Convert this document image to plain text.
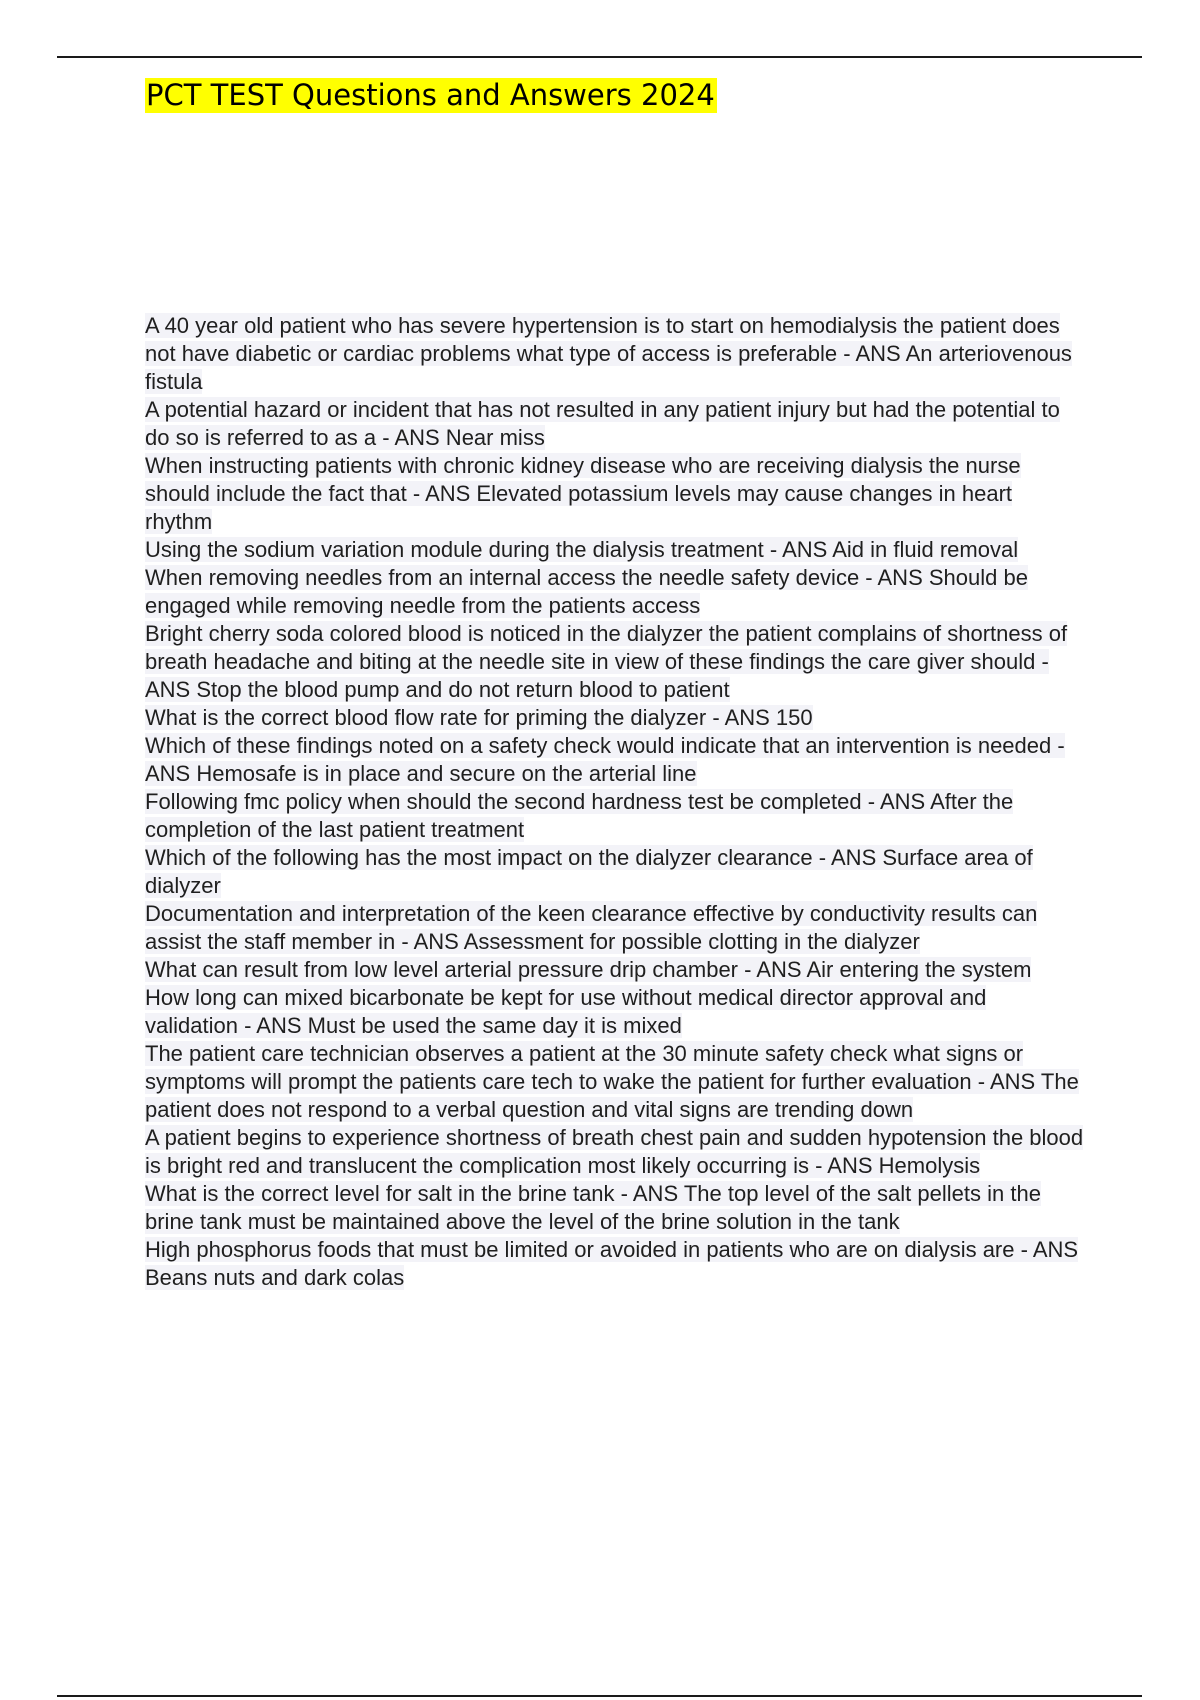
PCT TEST Questions and Answers 2024
A 40 year old patient who has severe hypertension is to start on hemodialysis the patient does not have diabetic or cardiac problems what type of access is preferable - ANS An arteriovenous fistula
A potential hazard or incident that has not resulted in any patient injury but had the potential to do so is referred to as a - ANS Near miss
When instructing patients with chronic kidney disease who are receiving dialysis the nurse should include the fact that - ANS Elevated potassium levels may cause changes in heart rhythm
Using the sodium variation module during the dialysis treatment - ANS Aid in fluid removal
When removing needles from an internal access the needle safety device - ANS Should be engaged while removing needle from the patients access
Bright cherry soda colored blood is noticed in the dialyzer the patient complains of shortness of breath headache and biting at the needle site in view of these findings the care giver should - ANS Stop the blood pump and do not return blood to patient
What is the correct blood flow rate for priming the dialyzer - ANS 150
Which of these findings noted on a safety check would indicate that an intervention is needed - ANS Hemosafe is in place and secure on the arterial line
Following fmc policy when should the second hardness test be completed - ANS After the completion of the last patient treatment
Which of the following has the most impact on the dialyzer clearance - ANS Surface area of dialyzer
Documentation and interpretation of the keen clearance effective by conductivity results can assist the staff member in - ANS Assessment for possible clotting in the dialyzer
What can result from low level arterial pressure drip chamber - ANS Air entering the system
How long can mixed bicarbonate be kept for use without medical director approval and validation - ANS Must be used the same day it is mixed
The patient care technician observes a patient at the 30 minute safety check what signs or symptoms will prompt the patients care tech to wake the patient for further evaluation - ANS The patient does not respond to a verbal question and vital signs are trending down
A patient begins to experience shortness of breath chest pain and sudden hypotension the blood is bright red and translucent the complication most likely occurring is - ANS Hemolysis
What is the correct level for salt in the brine tank - ANS The top level of the salt pellets in the brine tank must be maintained above the level of the brine solution in the tank
High phosphorus foods that must be limited or avoided in patients who are on dialysis are - ANS Beans nuts and dark colas
